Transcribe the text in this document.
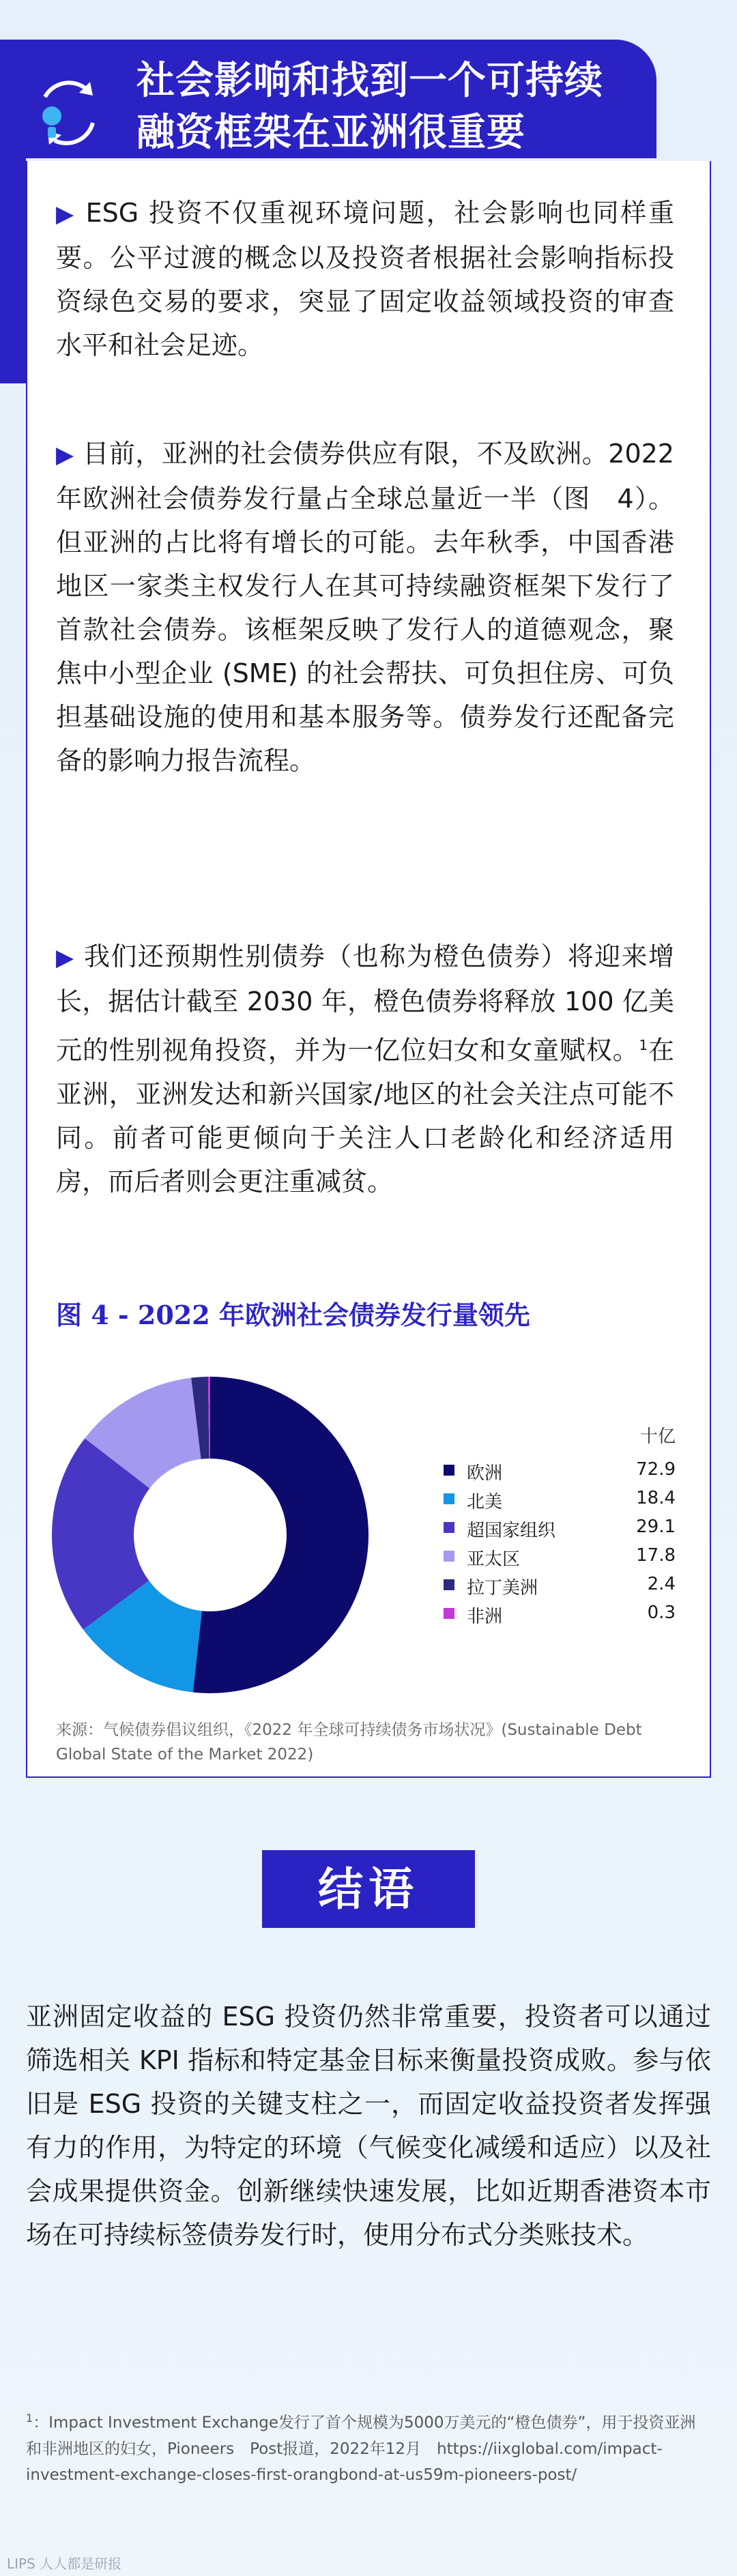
社会影响和找到一个可持续
融资框架在亚洲很重要
▶ ESG 投资不仅重视环境问题，社会影响也同样重要。公平过渡的概念以及投资者根据社会影响指标投资绿色交易的要求，突显了固定收益领域投资的审查水平和社会足迹。
▶ 目前，亚洲的社会债券供应有限，不及欧洲。2022　年欧洲社会债券发行量占全球总量近一半（图　4）。但亚洲的占比将有增长的可能。去年秋季，中国香港地区一家类主权发行人在其可持续融资框架下发行了首款社会债券。该框架反映了发行人的道德观念，聚焦中小型企业 (SME) 的社会帮扶、可负担住房、可负担基础设施的使用和基本服务等。债券发行还配备完备的影响力报告流程。
▶ 我们还预期性别债券（也称为橙色债券）将迎来增长，据估计截至 2030 年，橙色债券将释放 100 亿美元的性别视角投资，并为一亿位妇女和女童赋权。$^1$在亚洲，亚洲发达和新兴国家/地区的社会关注点可能不同。前者可能更倾向于关注人口老龄化和经济适用房，而后者则会更注重减贫。
图 4 - 2022 年欧洲社会债券发行量领先
十亿
欧洲	72.9
北美	18.4
超国家组织	29.1
亚太区	17.8
拉丁美洲	2.4
非洲	0.3
来源：气候债券倡议组织，《2022 年全球可持续债务市场状况》(Sustainable Debt Global State of the Market 2022)
结语
亚洲固定收益的 ESG 投资仍然非常重要，投资者可以通过筛选相关 KPI 指标和特定基金目标来衡量投资成败。参与依旧是 ESG 投资的关键支柱之一，而固定收益投资者发挥强有力的作用，为特定的环境（气候变化减缓和适应）以及社会成果提供资金。创新继续快速发展，比如近期香港资本市场在可持续标签债券发行时，使用分布式分类账技术。
$^1$：Impact Investment Exchange发行了首个规模为5000万美元的“橙色债券”，用于投资亚洲和非洲地区的妇女，Pioneers　Post报道，2022年12月　https://iixglobal.com/impact-investment-exchange-closes-first-orangbond-at-us59m-pioneers-post/
LIPS 人人都是研报
